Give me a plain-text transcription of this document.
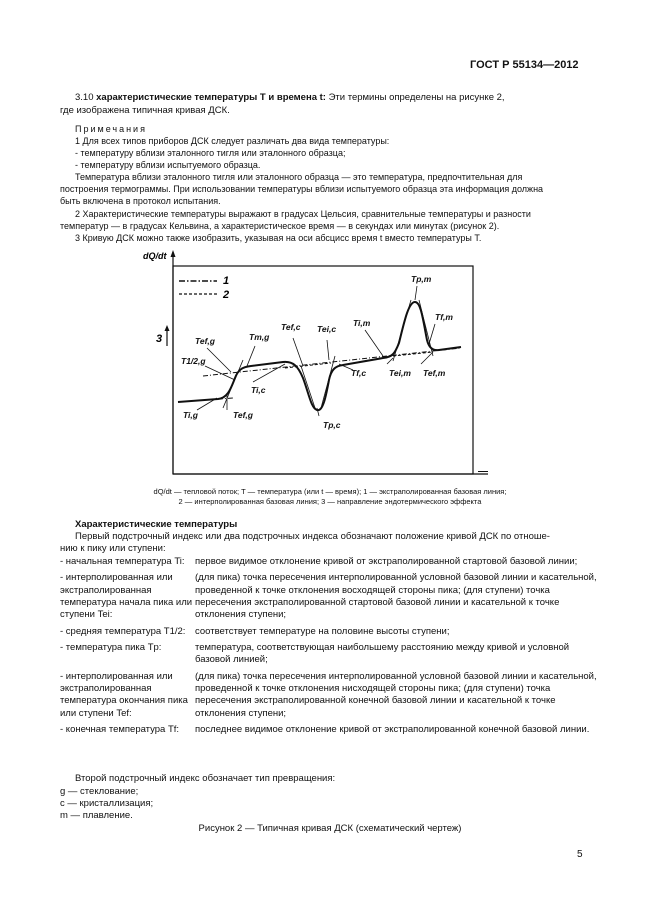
ГОСТ Р 55134—2012
3.10 характеристические температуры T и времена t: Эти термины определены на рисунке 2,
где изображена типичная кривая ДСК.
Примечания
1 Для всех типов приборов ДСК следует различать два вида температуры:
- температуру вблизи эталонного тигля или эталонного образца;
- температуру вблизи испытуемого образца.
Температура вблизи эталонного тигля или эталонного образца — это температура, предпочтительная для
построения термограммы. При использовании температуры вблизи испытуемого образца эта информация должна
быть включена в протокол испытания.
2 Характеристические температуры выражают в градусах Цельсия, сравнительные температуры и разности
температур — в градусах Кельвина, а характеристическое время — в секундах или минутах (рисунок 2).
3 Кривую ДСК можно также изобразить, указывая на оси абсцисс время t вместо температуры T.
dQ/dt
1
2
3	Tef,g	Tm,g
T1/2,g
Ti,g	Tef,g
Ti,c
Tef,c Tei,c
Tp,c
Ti,m
Tf,c
Tp,m
Tf,m
Tei,m Tef,m
dQ/dt — тепловой поток; T — температура (или t — время); 1 — экстраполированная базовая линия;
2 — интерполированная базовая линия; 3 — направление эндотермического эффекта
Характеристические температуры
Первый подстрочный индекс или два подстрочных индекса обозначают положение кривой ДСК по отноше-
нию к пику или ступени:
- начальная температура Ti:	первое видимое отклонение кривой от экстраполированной стартовой базовой линии;
- интерполированная или экстраполированная температура начала пика или ступени Tei:
(для пика) точка пересечения интерполированной условной базовой линии и касательной, проведенной к точке отклонения восходящей стороны пика; (для ступени) точка пересечения экстраполированной стартовой базовой линии и касательной к точке отклонения ступени;
- средняя температура T1/2:	соответствует температуре на половине высоты ступени;
- температура пика Tp:	температура, соответствующая наибольшему расстоянию между кривой и условной базовой линией;
- интерполированная или экстраполированная температура окончания пика или ступени Tef:
(для пика) точка пересечения интерполированной условной базовой линии и касательной, проведенной к точке отклонения нисходящей стороны пика; (для ступени) точка пересечения экстраполированной конечной базовой линии и касательной к точке отклонения ступени;
- конечная температура Tf:	последнее видимое отклонение кривой от экстраполированной конечной базовой линии.
Второй подстрочный индекс обозначает тип превращения:
g — стеклование;
c — кристаллизация;
m — плавление.
Рисунок 2 — Типичная кривая ДСК (схематический чертеж)
5
